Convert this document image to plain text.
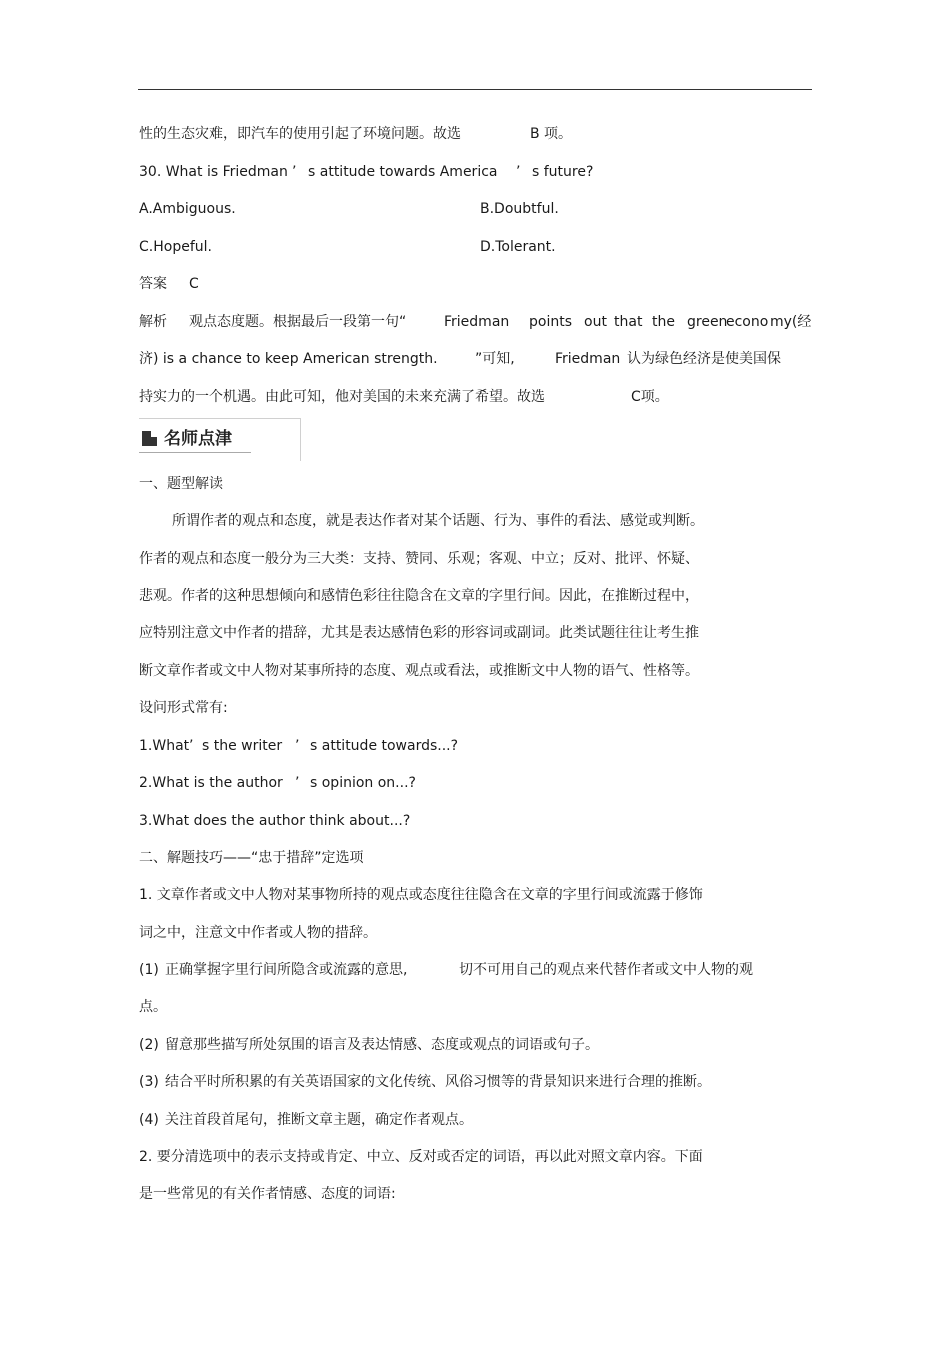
性的生态灾难，即汽车的使用引起了环境问题。故选	B 项。
30. What is Friedman ’ s attitude towards America ’ s future?
A.Ambiguous.	B.Doubtful.
C.Hopeful.	D.Tolerant.
答案 C
解析 观点态度题。根据最后一段第一句“	Friedman points out that the green
econo my(经
济) is a chance to keep American strength.	”可知,	Friedman 认为绿色经济是使美国保
持实力的一个机遇。由此可知，他对美国的未来充满了希望。故选	C项。
一、题型解读
所谓作者的观点和态度，就是表达作者对某个话题、行为、事件的看法、感觉或判断。
作者的观点和态度一般分为三大类：支持、赞同、乐观；客观、中立；反对、批评、怀疑、
悲观。作者的这种思想倾向和感情色彩往往隐含在文章的字里行间。因此，在推断过程中，
应特别注意文中作者的措辞，尤其是表达感情色彩的形容词或副词。此类试题往往让考生推
断文章作者或文中人物对某事所持的态度、观点或看法，或推断文中人物的语气、性格等。
设问形式常有:
1.What ’ s the writer ’ s attitude towards...?
2.What is the author ’ s opinion on...?
3.What does the author think about...?
二、解题技巧——“忠于措辞”定选项
1. 文章作者或文中人物对某事物所持的观点或态度往往隐含在文章的字里行间或流露于修饰
词之中，注意文中作者或人物的措辞。
(1) 正确掌握字里行间所隐含或流露的意思,	切不可用自己的观点来代替作者或文中人物的观
点。
(2) 留意那些描写所处氛围的语言及表达情感、态度或观点的词语或句子。
(3) 结合平时所积累的有关英语国家的文化传统、风俗习惯等的背景知识来进行合理的推断。
(4) 关注首段首尾句，推断文章主题，确定作者观点。
2. 要分清选项中的表示支持或肯定、中立、反对或否定的词语，再以此对照文章内容。下面
是一些常见的有关作者情感、态度的词语:
名师点津
